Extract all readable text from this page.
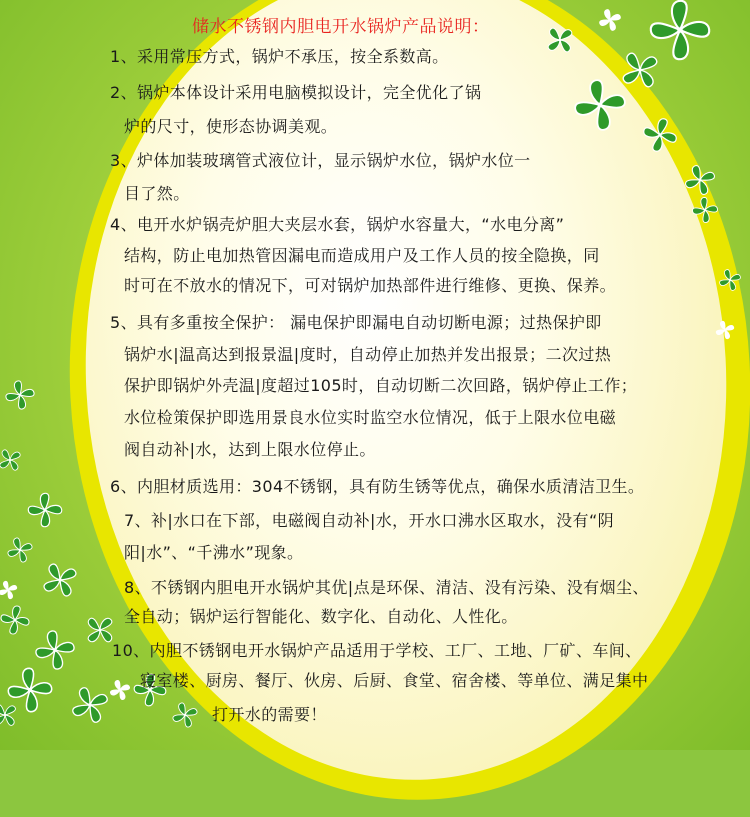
储水不锈钢内胆电开水锅炉产品说明：
1、采用常压方式，锅炉不承压，按全系数高。
2、锅炉本体设计采用电脑模拟设计，完全优化了锅
炉的尺寸，使形态协调美观。
3、炉体加装玻璃管式液位计，显示锅炉水位，锅炉水位一
目了然。
4、电开水炉锅壳炉胆大夹层水套，锅炉水容量大，“水电分离”
结构，防止电加热管因漏电而造成用户及工作人员的按全隐换，同
时可在不放水的情况下，可对锅炉加热部件进行维修、更换、保养。
5、具有多重按全保护： 漏电保护即漏电自动切断电源；过热保护即
锅炉水|温高达到报景温|度时，自动停止加热并发出报景；二次过热
保护即锅炉外壳温|度超过105时，自动切断二次回路，锅炉停止工作；
水位检策保护即选用景良水位实时监空水位情况，低于上限水位电磁
阀自动补|水，达到上限水位停止。
6、内胆材质选用：304不锈钢，具有防生锈等优点，确保水质清洁卫生。
7、补|水口在下部，电磁阀自动补|水，开水口沸水区取水，没有“阴
阳|水”、“千沸水”现象。
8、不锈钢内胆电开水锅炉其优|点是环保、清洁、没有污染、没有烟尘、
全自动；锅炉运行智能化、数字化、自动化、人性化。
10、内胆不锈钢电开水锅炉产品适用于学校、工厂、工地、厂矿、车间、
寝室楼、厨房、餐厅、伙房、后厨、食堂、宿舍楼、等单位、满足集中
打开水的需要！
